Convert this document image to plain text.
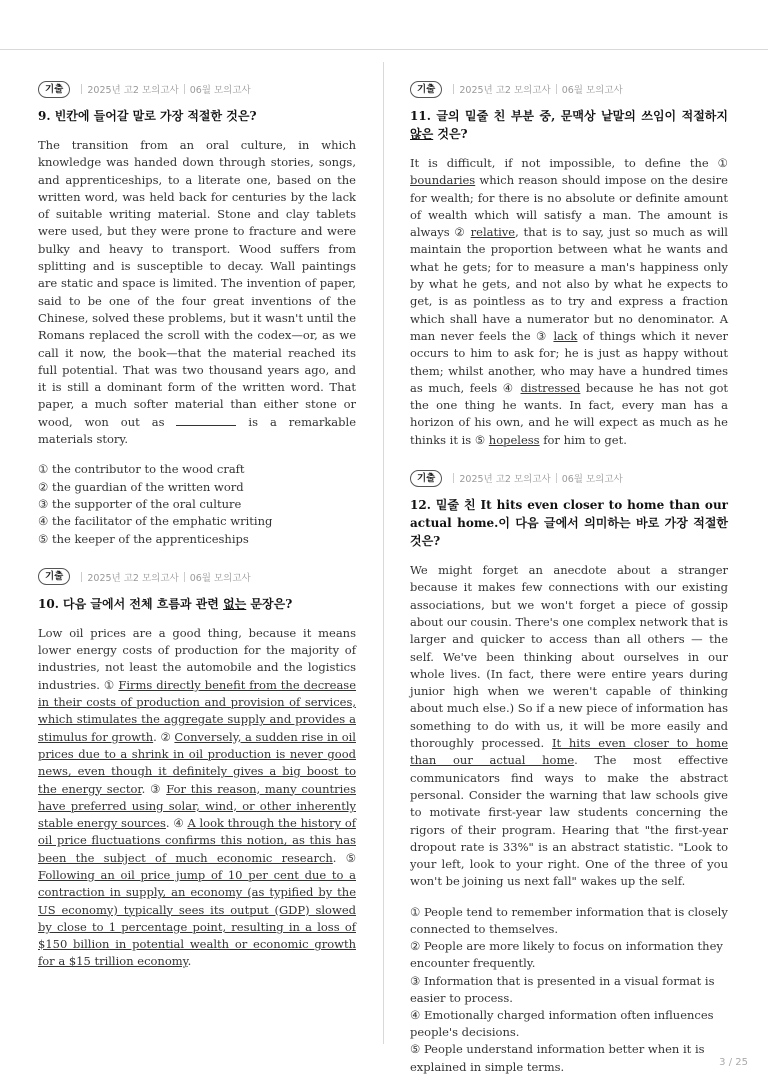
기출	2025년 고2 모의고사 06월 모의고사
9. 빈칸에 들어갈 말로 가장 적절한 것은?
The transition from an oral culture, in which knowledge was handed down through stories, songs, and apprenticeships, to a literate one, based on the written word, was held back for centuries by the lack of suitable writing material. Stone and clay tablets were used, but they were prone to fracture and were bulky and heavy to transport. Wood suffers from splitting and is susceptible to decay. Wall paintings are static and space is limited. The invention of paper, said to be one of the four great inventions of the Chinese, solved these problems, but it wasn't until the Romans replaced the scroll with the codex—or, as we call it now, the book—that the material reached its full potential. That was two thousand years ago, and it is still a dominant form of the written word. That paper, a much softer material than either stone or wood, won out as	is a remarkable materials story.
① the contributor to the wood craft
② the guardian of the written word
③ the supporter of the oral culture
④ the facilitator of the emphatic writing
⑤ the keeper of the apprenticeships
기출	2025년 고2 모의고사 06월 모의고사
10. 다음 글에서 전체 흐름과 관련 없는 문장은?
Low oil prices are a good thing, because it means lower energy costs of production for the majority of industries, not least the automobile and the logistics industries. ① Firms directly benefit from the decrease in their costs of production and provision of services, which stimulates the aggregate supply and provides a stimulus for growth. ② Conversely, a sudden rise in oil prices due to a shrink in oil production is never good news, even though it definitely gives a big boost to the energy sector. ③ For this reason, many countries have preferred using solar, wind, or other inherently stable energy sources. ④ A look through the history of oil price fluctuations confirms this notion, as this has been the subject of much economic research. ⑤ Following an oil price jump of 10 per cent due to a contraction in supply, an economy (as typified by the US economy) typically sees its output (GDP) slowed by close to 1 percentage point, resulting in a loss of $150 billion in potential wealth or economic growth for a $15 trillion economy.
기출	2025년 고2 모의고사 06월 모의고사
11. 글의 밑줄 친 부분 중, 문맥상 낱말의 쓰임이 적절하지 않은 것은?
It is difficult, if not impossible, to define the ① boundaries which reason should impose on the desire for wealth; for there is no absolute or definite amount of wealth which will satisfy a man. The amount is always ② relative, that is to say, just so much as will maintain the proportion between what he wants and what he gets; for to measure a man's happiness only by what he gets, and not also by what he expects to get, is as pointless as to try and express a fraction which shall have a numerator but no denominator. A man never feels the ③ lack of things which it never occurs to him to ask for; he is just as happy without them; whilst another, who may have a hundred times as much, feels ④ distressed because he has not got the one thing he wants. In fact, every man has a horizon of his own, and he will expect as much as he thinks it is ⑤ hopeless for him to get.
기출	2025년 고2 모의고사 06월 모의고사
12. 밑줄 친 It hits even closer to home than our actual home.이 다음 글에서 의미하는 바로 가장 적절한 것은?
We might forget an anecdote about a stranger because it makes few connections with our existing associations, but we won't forget a piece of gossip about our cousin. There's one complex network that is larger and quicker to access than all others — the self. We've been thinking about ourselves in our whole lives. (In fact, there were entire years during junior high when we weren't capable of thinking about much else.) So if a new piece of information has something to do with us, it will be more easily and thoroughly processed. It hits even closer to home than our actual home. The most effective communicators find ways to make the abstract personal. Consider the warning that law schools give to motivate first-year law students concerning the rigors of their program. Hearing that "the first-year dropout rate is 33%" is an abstract statistic. "Look to your left, look to your right. One of the three of you won't be joining us next fall" wakes up the self.
① People tend to remember information that is closely connected to themselves.
② People are more likely to focus on information they encounter frequently.
③ Information that is presented in a visual format is easier to process.
④ Emotionally charged information often influences people's decisions.
⑤ People understand information better when it is explained in simple terms.	3 / 25
